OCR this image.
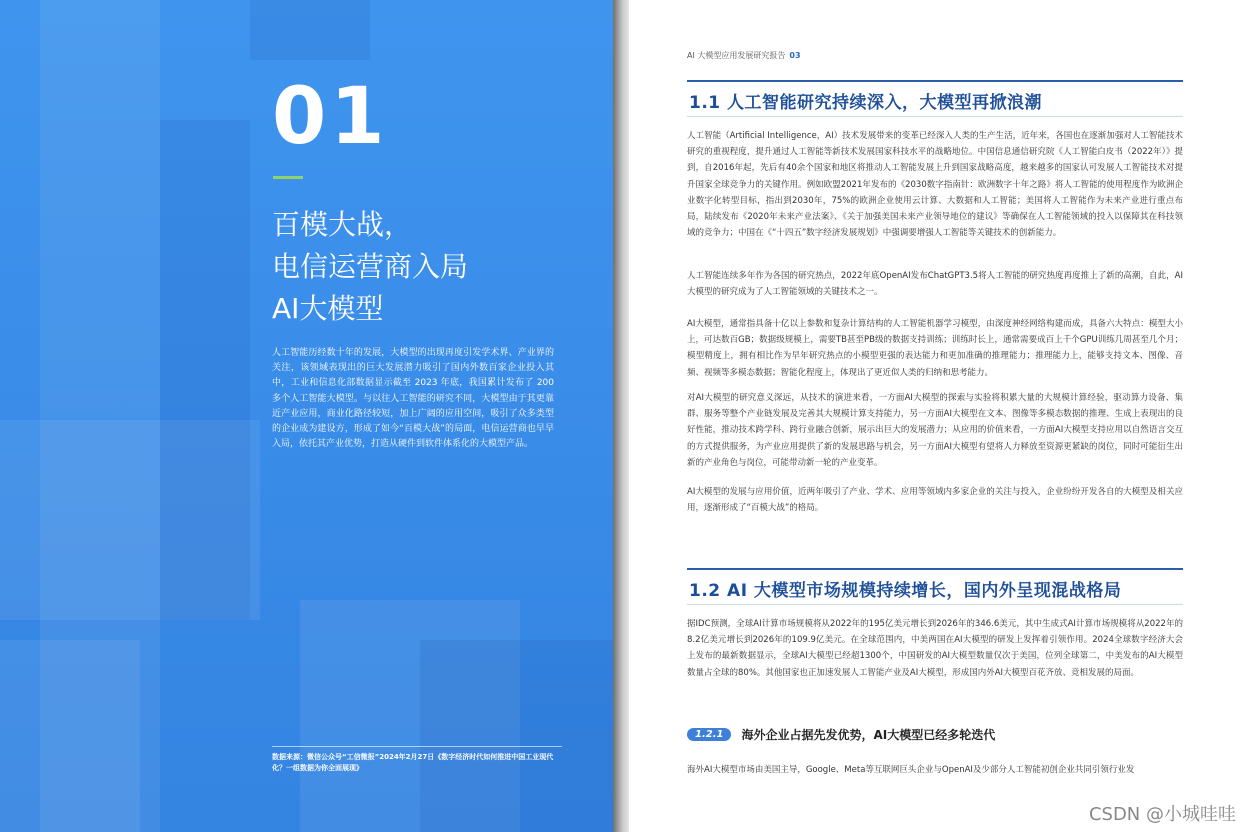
01
百模大战，
电信运营商入局
AI大模型
人工智能历经数十年的发展，大模型的出现再度引发学术界、产业界的关注，该领域表现出的巨大发展潜力吸引了国内外数百家企业投入其中，工业和信息化部数据显示截至 2023 年底，我国累计发布了 200 多个人工智能大模型。与以往人工智能的研究不同，大模型由于其更靠近产业应用，商业化路径较短，加上广阔的应用空间，吸引了众多类型的企业成为建设方，形成了如今“百模大战”的局面，电信运营商也早早入局，依托其产业优势，打造从硬件到软件体系化的大模型产品。
数据来源：微信公众号“工信微报”2024年2月27日《数字经济时代如何推进中国工业现代化？一组数据为你全面展现》
AI 大模型应用发展研究报告 03
1.1 人工智能研究持续深入，大模型再掀浪潮
人工智能（Artificial Intelligence，AI）技术发展带来的变革已经深入人类的生产生活，近年来，各国也在逐渐加强对人工智能技术研究的重视程度，提升通过人工智能等新技术发展国家科技水平的战略地位。中国信息通信研究院《人工智能白皮书（2022年）》提到，自2016年起，先后有40余个国家和地区将推动人工智能发展上升到国家战略高度，越来越多的国家认可发展人工智能技术对提升国家全球竞争力的关键作用。例如欧盟2021年发布的《2030数字指南针：欧洲数字十年之路》将人工智能的使用程度作为欧洲企业数字化转型目标，指出到2030年，75%的欧洲企业使用云计算、大数据和人工智能；美国将人工智能作为未来产业进行重点布局，陆续发布《2020年未来产业法案》、《关于加强美国未来产业领导地位的建议》等确保在人工智能领域的投入以保障其在科技领域的竞争力；中国在《“十四五”数字经济发展规划》中强调要增强人工智能等关键技术的创新能力。
人工智能连续多年作为各国的研究热点，2022年底OpenAI发布ChatGPT3.5将人工智能的研究热度再度推上了新的高潮，自此，AI大模型的研究成为了人工智能领域的关键技术之一。
AI大模型，通常指具备十亿以上参数和复杂计算结构的人工智能机器学习模型，由深度神经网络构建而成，具备六大特点：模型大小上，可达数百GB；数据级规模上，需要TB甚至PB级的数据支持训练；训练时长上，通常需要成百上千个GPU训练几周甚至几个月；模型精度上，拥有相比作为早年研究热点的小模型更强的表达能力和更加准确的推理能力；推理能力上，能够支持文本、图像、音频、视频等多模态数据；智能化程度上，体现出了更近似人类的归纳和思考能力。
对AI大模型的研究意义深远，从技术的演进来看，一方面AI大模型的探索与实验将积累大量的大规模计算经验，驱动算力设备、集群、服务等整个产业链发展及完善其大规模计算支持能力，另一方面AI大模型在文本、图像等多模态数据的推理、生成上表现出的良好性能，推动技术跨学科、跨行业融合创新，展示出巨大的发展潜力；从应用的价值来看，一方面AI大模型支持应用以自然语言交互的方式提供服务，为产业应用提供了新的发展思路与机会，另一方面AI大模型有望将人力释放至资源更紧缺的岗位，同时可能衍生出新的产业角色与岗位，可能带动新一轮的产业变革。
AI大模型的发展与应用价值，近两年吸引了产业、学术、应用等领域内多家企业的关注与投入，企业纷纷开发各自的大模型及相关应用，逐渐形成了“百模大战”的格局。
1.2 AI 大模型市场规模持续增长，国内外呈现混战格局
据IDC预测，全球AI计算市场规模将从2022年的195亿美元增长到2026年的346.6美元，其中生成式AI计算市场规模将从2022年的8.2亿美元增长到2026年的109.9亿美元。在全球范围内，中美两国在AI大模型的研发上发挥着引领作用。2024全球数字经济大会上发布的最新数据显示，全球AI大模型已经超1300个，中国研发的AI大模型数量仅次于美国，位列全球第二，中美发布的AI大模型数量占全球的80%。其他国家也正加速发展人工智能产业及AI大模型，形成国内外AI大模型百花齐放、竞相发展的局面。
1.2.1	海外企业占据先发优势，AI大模型已经多轮迭代
海外AI大模型市场由美国主导，Google、Meta等互联网巨头企业与OpenAI及少部分人工智能初创企业共同引领行业发
CSDN @小城哇哇
